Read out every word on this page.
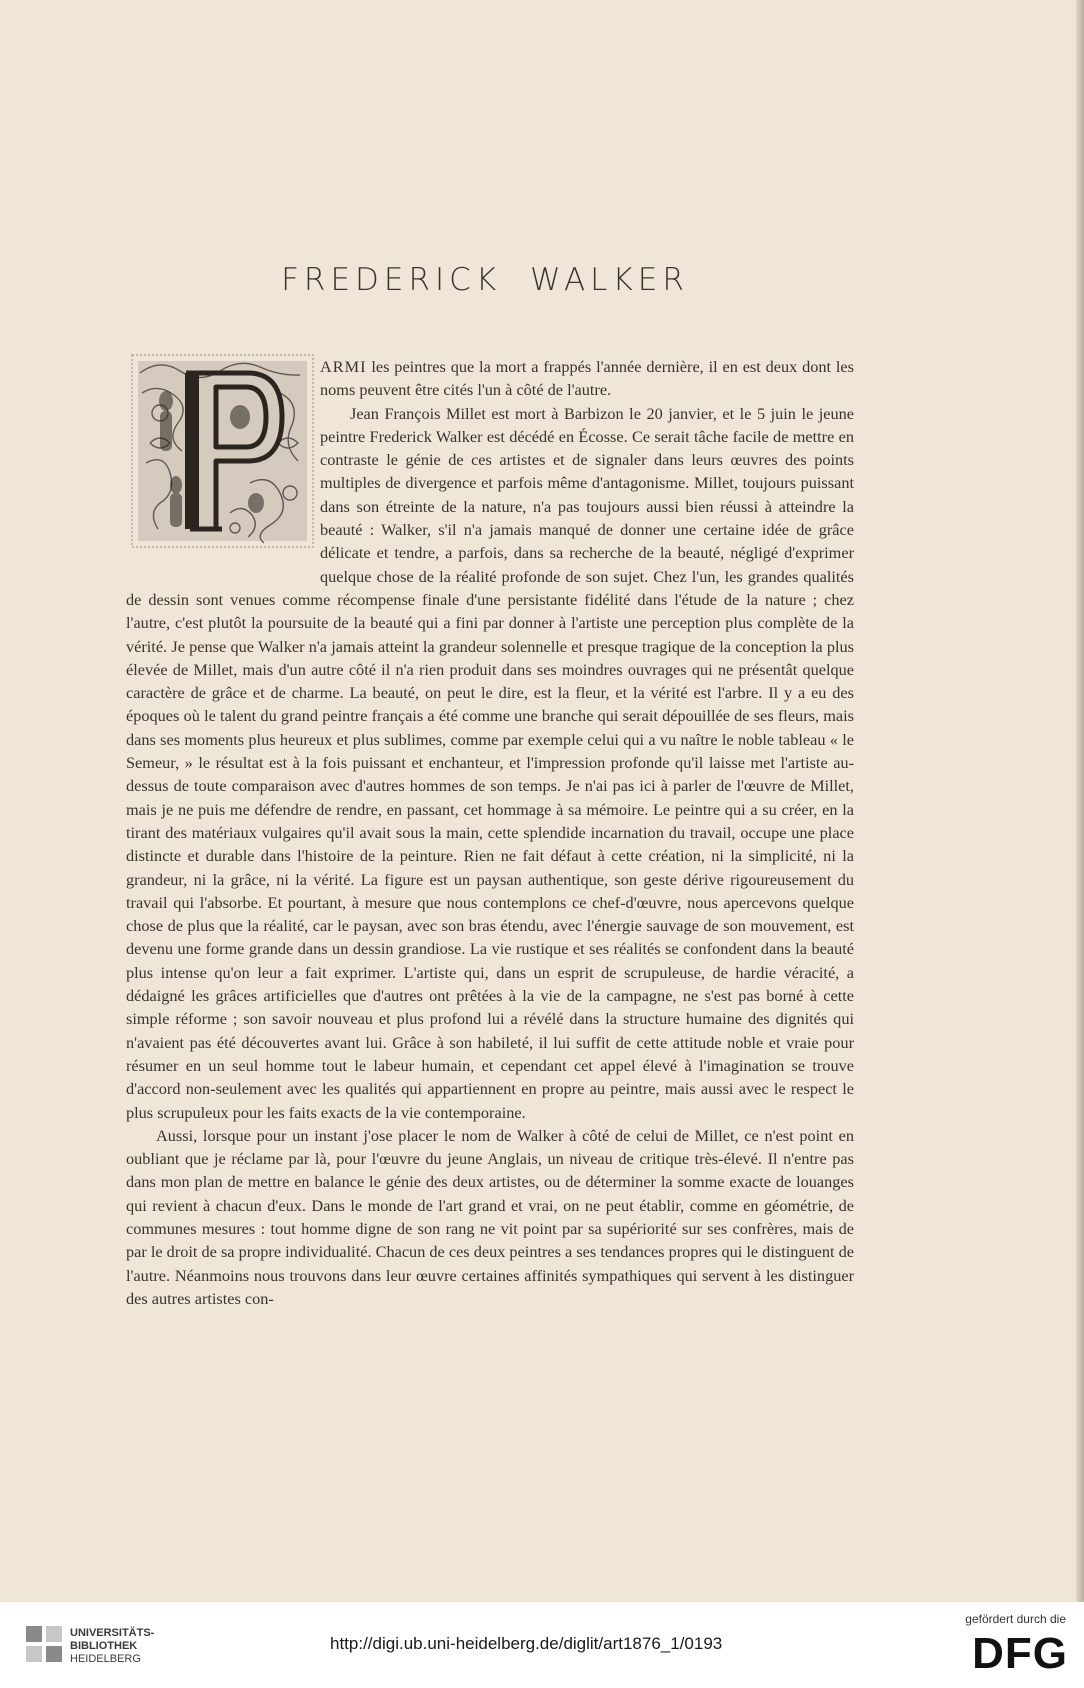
FREDERICK WALKER

ARMI les peintres que la mort a frappés l'année dernière, il en est deux dont les noms peuvent être cités l'un à côté de l'autre.

Jean François Millet est mort à Barbizon le 20 janvier, et le 5 juin le jeune peintre Frederick Walker est décédé en Écosse. Ce serait tâche facile de mettre en contraste le génie de ces artistes et de signaler dans leurs œuvres des points multiples de divergence et parfois même d'antagonisme. Millet, toujours puissant dans son étreinte de la nature, n'a pas toujours aussi bien réussi à atteindre la beauté : Walker, s'il n'a jamais manqué de donner une certaine idée de grâce délicate et tendre, a parfois, dans sa recherche de la beauté, négligé d'exprimer quelque chose de la réalité profonde de son sujet. Chez l'un, les grandes qualités de dessin sont venues comme récompense finale d'une persistante fidélité dans l'étude de la nature ; chez l'autre, c'est plutôt la poursuite de la beauté qui a fini par donner à l'artiste une perception plus complète de la vérité. Je pense que Walker n'a jamais atteint la grandeur solennelle et presque tragique de la conception la plus élevée de Millet, mais d'un autre côté il n'a rien produit dans ses moindres ouvrages qui ne présentât quelque caractère de grâce et de charme. La beauté, on peut le dire, est la fleur, et la vérité est l'arbre. Il y a eu des époques où le talent du grand peintre français a été comme une branche qui serait dépouillée de ses fleurs, mais dans ses moments plus heureux et plus sublimes, comme par exemple celui qui a vu naître le noble tableau « le Semeur, » le résultat est à la fois puissant et enchanteur, et l'impression profonde qu'il laisse met l'artiste au-dessus de toute comparaison avec d'autres hommes de son temps. Je n'ai pas ici à parler de l'œuvre de Millet, mais je ne puis me défendre de rendre, en passant, cet hommage à sa mémoire. Le peintre qui a su créer, en la tirant des matériaux vulgaires qu'il avait sous la main, cette splendide incarnation du travail, occupe une place distincte et durable dans l'histoire de la peinture. Rien ne fait défaut à cette création, ni la simplicité, ni la grandeur, ni la grâce, ni la vérité. La figure est un paysan authentique, son geste dérive rigoureusement du travail qui l'absorbe. Et pourtant, à mesure que nous contemplons ce chef-d'œuvre, nous apercevons quelque chose de plus que la réalité, car le paysan, avec son bras étendu, avec l'énergie sauvage de son mouvement, est devenu une forme grande dans un dessin grandiose. La vie rustique et ses réalités se confondent dans la beauté plus intense qu'on leur a fait exprimer. L'artiste qui, dans un esprit de scrupuleuse, de hardie véracité, a dédaigné les grâces artificielles que d'autres ont prêtées à la vie de la campagne, ne s'est pas borné à cette simple réforme ; son savoir nouveau et plus profond lui a révélé dans la structure humaine des dignités qui n'avaient pas été découvertes avant lui. Grâce à son habileté, il lui suffit de cette attitude noble et vraie pour résumer en un seul homme tout le labeur humain, et cependant cet appel élevé à l'imagination se trouve d'accord non-seulement avec les qualités qui appartiennent en propre au peintre, mais aussi avec le respect le plus scrupuleux pour les faits exacts de la vie contemporaine.

Aussi, lorsque pour un instant j'ose placer le nom de Walker à côté de celui de Millet, ce n'est point en oubliant que je réclame par là, pour l'œuvre du jeune Anglais, un niveau de critique très-élevé. Il n'entre pas dans mon plan de mettre en balance le génie des deux artistes, ou de déterminer la somme exacte de louanges qui revient à chacun d'eux. Dans le monde de l'art grand et vrai, on ne peut établir, comme en géométrie, de communes mesures : tout homme digne de son rang ne vit point par sa supériorité sur ses confrères, mais de par le droit de sa propre individualité. Chacun de ces deux peintres a ses tendances propres qui le distinguent de l'autre. Néanmoins nous trouvons dans leur œuvre certaines affinités sympathiques qui servent à les distinguer des autres artistes con-

UNIVERSITÄTS-
BIBLIOTHEK
HEIDELBERG
http://digi.ub.uni-heidelberg.de/diglit/art1876_1/0193
gefördert durch die
DFG
